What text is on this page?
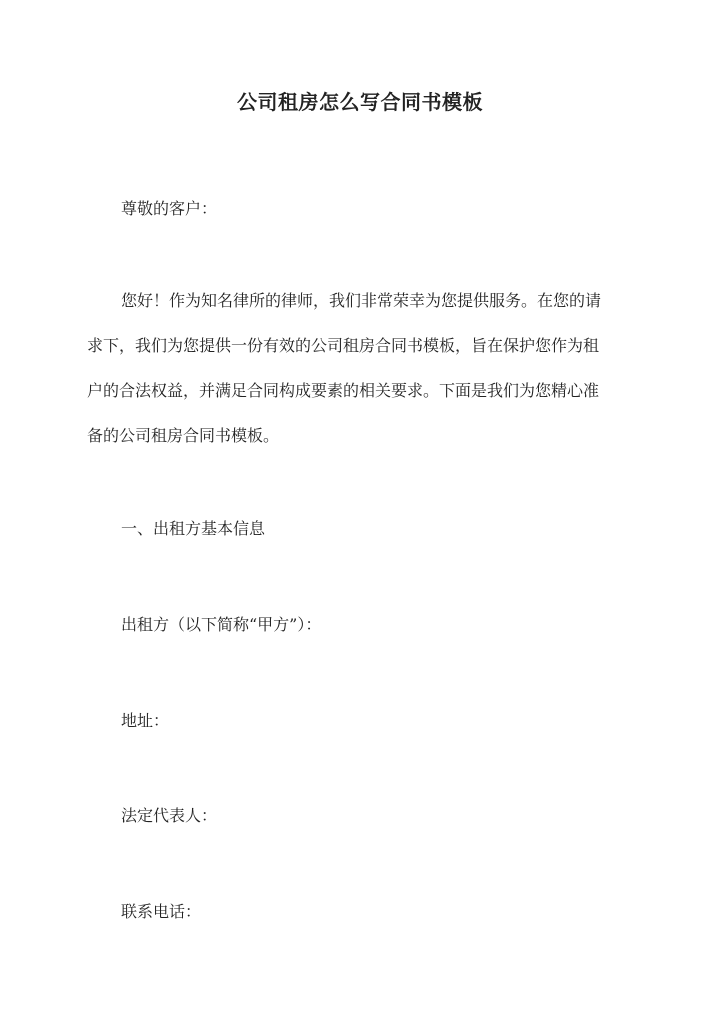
公司租房怎么写合同书模板
尊敬的客户：
您好！作为知名律所的律师，我们非常荣幸为您提供服务。在您的请
求下，我们为您提供一份有效的公司租房合同书模板，旨在保护您作为租
户的合法权益，并满足合同构成要素的相关要求。下面是我们为您精心准
备的公司租房合同书模板。
一、出租方基本信息
出租方（以下简称“甲方”）：
地址：
法定代表人：
联系电话：
